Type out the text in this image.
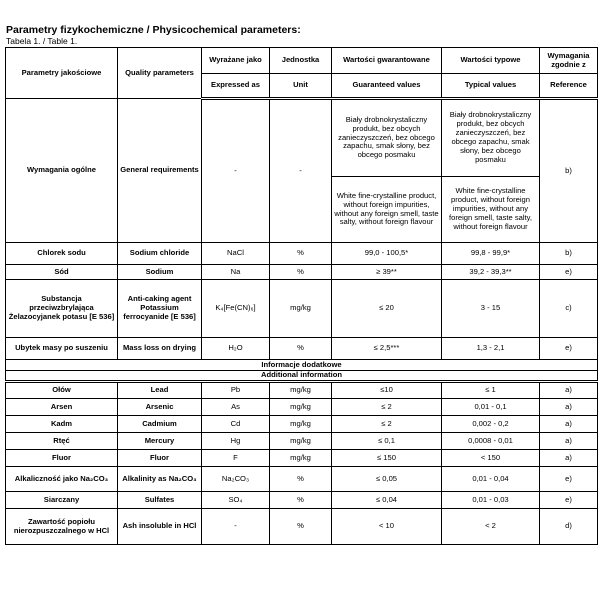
Parametry fizykochemiczne / Physicochemical parameters:
Tabela 1. / Table 1.
Parametry jakościowe	Quality parameters	Wyrażane jako	Jednostka	Wartości gwarantowane	Wartości typowe	Wymagania zgodnie z
		Expressed as	Unit	Guaranteed values	Typical values	Reference
Wymagania ogólne	General requirements	-	-	Biały drobnokrystaliczny produkt, bez obcych zanieczyszczeń, bez obcego zapachu, smak słony, bez obcego posmaku	Biały drobnokrystaliczny produkt, bez obcych zanieczyszczeń, bez obcego zapachu, smak słony, bez obcego posmaku	b)
				White fine-crystalline product, without foreign impurities, without any foreign smell, taste salty, without foreign flavour	White fine-crystalline product, without foreign impurities, without any foreign smell, taste salty, without foreign flavour	
Chlorek sodu	Sodium chloride	NaCl	%	99,0 - 100,5*	99,8 - 99,9*	b)
Sód	Sodium	Na	%	≥ 39**	39,2 - 39,3**	e)
Substancja przeciwzbrylająca Żelazocyjanek potasu [E 536]	Anti-caking agent Potassium ferrocyanide [E 536]	K₄[Fe(CN)₆]	mg/kg	≤ 20	3 - 15	c)
Ubytek masy po suszeniu	Mass loss on drying	H₂O	%	≤ 2,5***	1,3 - 2,1	e)
Informacje dodatkowe						
Additional information						
Ołów	Lead	Pb	mg/kg	≤10	≤ 1	a)
Arsen	Arsenic	As	mg/kg	≤ 2	0,01 - 0,1	a)
Kadm	Cadmium	Cd	mg/kg	≤ 2	0,002 - 0,2	a)
Rtęć	Mercury	Hg	mg/kg	≤ 0,1	0,0008 - 0,01	a)
Fluor	Fluor	F	mg/kg	≤ 150	< 150	a)
Alkaliczność jako Na₂CO₃	Alkalinity as Na₂CO₃	Na₂CO₃	%	≤ 0,05	0,01 - 0,04	e)
Siarczany	Sulfates	SO₄	%	≤ 0,04	0,01 - 0,03	e)
Zawartość popiołu nierozpuszczalnego w HCl	Ash insoluble in HCl	-	%	< 10	< 2	d)
